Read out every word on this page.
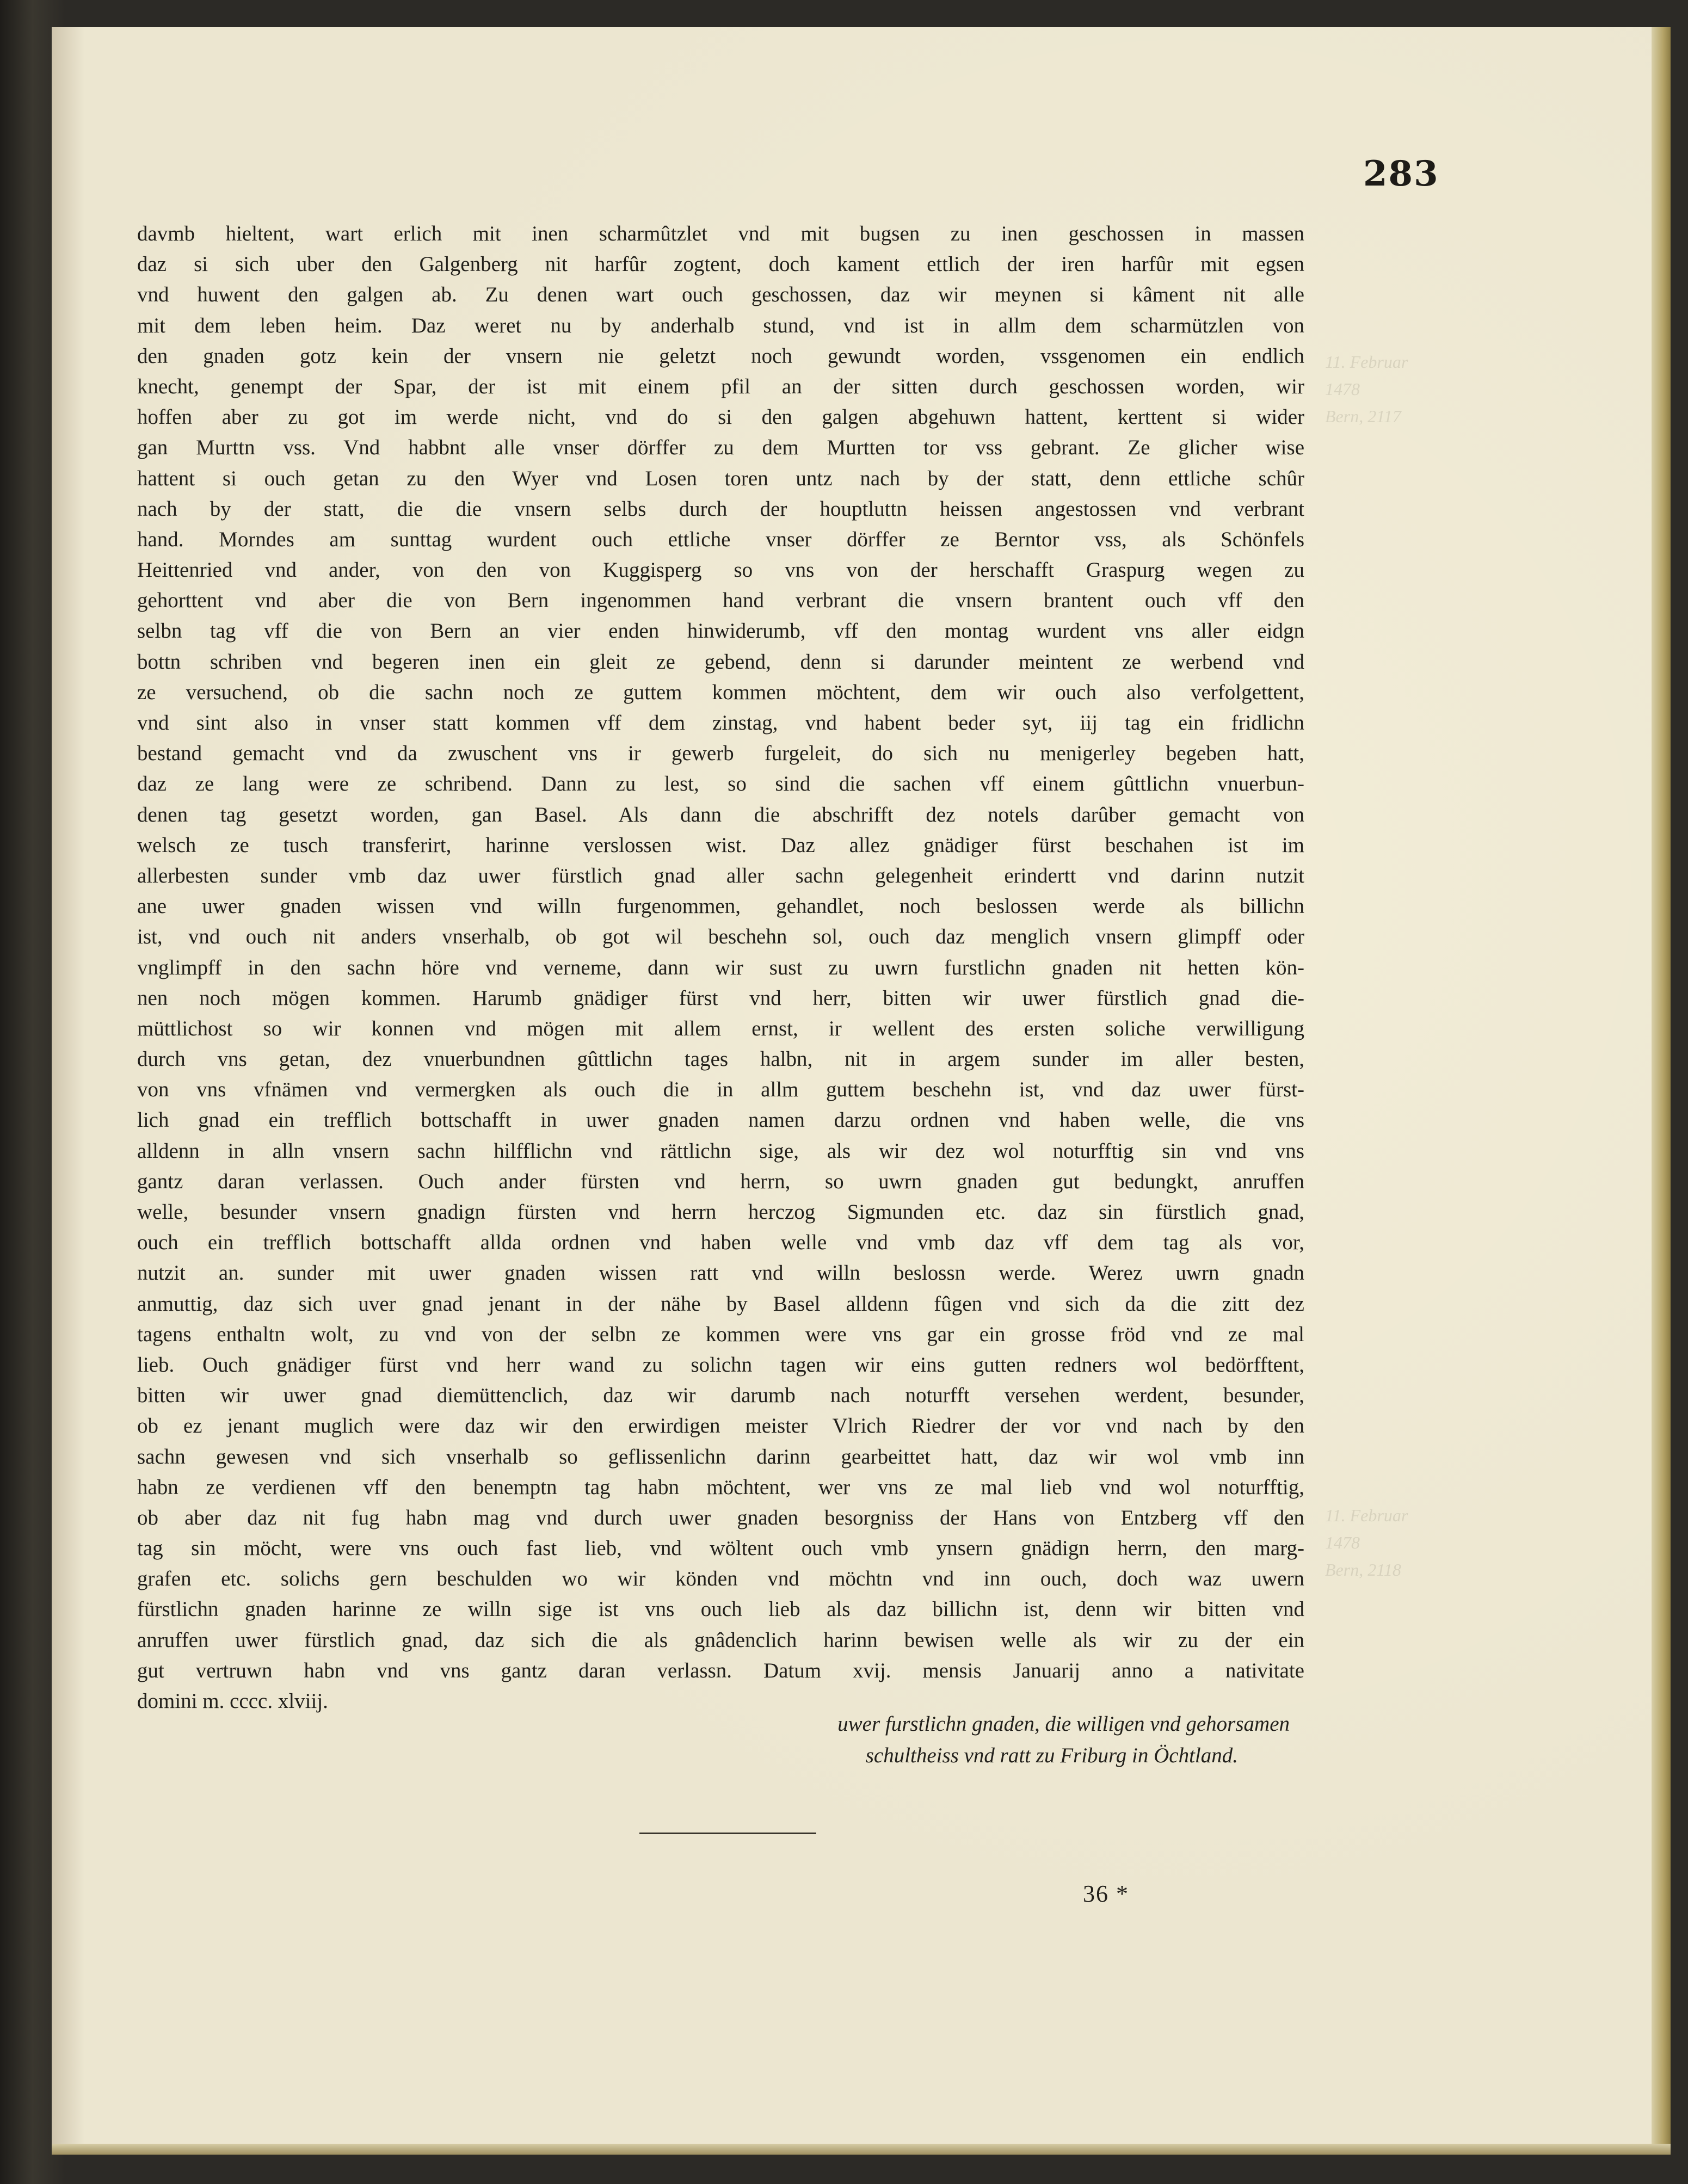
11. Februar
1478
Bern, 2117
11. Februar
1478
Bern, 2118
283
davmb hieltent, wart erlich mit inen scharmûtzlet vnd mit bugsen zu inen geschossen in massen
daz si sich uber den Galgenberg nit harfûr zogtent, doch kament ettlich der iren harfûr mit egsen
vnd huwent den galgen ab. Zu denen wart ouch geschossen, daz wir meynen si kâment nit alle
mit dem leben heim. Daz weret nu by anderhalb stund, vnd ist in allm dem scharmützlen von
den gnaden gotz kein der vnsern nie geletzt noch gewundt worden, vssgenomen ein endlich
knecht, genempt der Spar, der ist mit einem pfil an der sitten durch geschossen worden, wir
hoffen aber zu got im werde nicht, vnd do si den galgen abgehuwn hattent, kerttent si wider
gan Murttn vss. Vnd habbnt alle vnser dörffer zu dem Murtten tor vss gebrant. Ze glicher wise
hattent si ouch getan zu den Wyer vnd Losen toren untz nach by der statt, denn ettliche schûr
nach by der statt, die die vnsern selbs durch der houptluttn heissen angestossen vnd verbrant
hand. Morndes am sunttag wurdent ouch ettliche vnser dörffer ze Berntor vss, als Schönfels
Heittenried vnd ander, von den von Kuggisperg so vns von der herschafft Graspurg wegen zu
gehorttent vnd aber die von Bern ingenommen hand verbrant die vnsern brantent ouch vff den
selbn tag vff die von Bern an vier enden hinwiderumb, vff den montag wurdent vns aller eidgn
bottn schriben vnd begeren inen ein gleit ze gebend, denn si darunder meintent ze werbend vnd
ze versuchend, ob die sachn noch ze guttem kommen möchtent, dem wir ouch also verfolgettent,
vnd sint also in vnser statt kommen vff dem zinstag, vnd habent beder syt, iij tag ein fridlichn
bestand gemacht vnd da zwuschent vns ir gewerb furgeleit, do sich nu menigerley begeben hatt,
daz ze lang were ze schribend. Dann zu lest, so sind die sachen vff einem gûttlichn vnuerbun-
denen tag gesetzt worden, gan Basel. Als dann die abschrifft dez notels darûber gemacht von
welsch ze tusch transferirt, harinne verslossen wist. Daz allez gnädiger fürst beschahen ist im
allerbesten sunder vmb daz uwer fürstlich gnad aller sachn gelegenheit erindertt vnd darinn nutzit
ane uwer gnaden wissen vnd willn furgenommen, gehandlet, noch beslossen werde als billichn
ist, vnd ouch nit anders vnserhalb, ob got wil beschehn sol, ouch daz menglich vnsern glimpff oder
vnglimpff in den sachn höre vnd verneme, dann wir sust zu uwrn furstlichn gnaden nit hetten kön-
nen noch mögen kommen. Harumb gnädiger fürst vnd herr, bitten wir uwer fürstlich gnad die-
müttlichost so wir konnen vnd mögen mit allem ernst, ir wellent des ersten soliche verwilligung
durch vns getan, dez vnuerbundnen gûttlichn tages halbn, nit in argem sunder im aller besten,
von vns vfnämen vnd vermergken als ouch die in allm guttem beschehn ist, vnd daz uwer fürst-
lich gnad ein trefflich bottschafft in uwer gnaden namen darzu ordnen vnd haben welle, die vns
alldenn in alln vnsern sachn hilfflichn vnd rättlichn sige, als wir dez wol noturfftig sin vnd vns
gantz daran verlassen. Ouch ander fürsten vnd herrn, so uwrn gnaden gut bedungkt, anruffen
welle, besunder vnsern gnadign fürsten vnd herrn herczog Sigmunden etc. daz sin fürstlich gnad,
ouch ein trefflich bottschafft allda ordnen vnd haben welle vnd vmb daz vff dem tag als vor,
nutzit an. sunder mit uwer gnaden wissen ratt vnd willn beslossn werde. Werez uwrn gnadn
anmuttig, daz sich uver gnad jenant in der nähe by Basel alldenn fûgen vnd sich da die zitt dez
tagens enthaltn wolt, zu vnd von der selbn ze kommen were vns gar ein grosse fröd vnd ze mal
lieb. Ouch gnädiger fürst vnd herr wand zu solichn tagen wir eins gutten redners wol bedörfftent,
bitten wir uwer gnad diemüttenclich, daz wir darumb nach noturfft versehen werdent, besunder,
ob ez jenant muglich were daz wir den erwirdigen meister Vlrich Riedrer der vor vnd nach by den
sachn gewesen vnd sich vnserhalb so geflissenlichn darinn gearbeittet hatt, daz wir wol vmb inn
habn ze verdienen vff den benemptn tag habn möchtent, wer vns ze mal lieb vnd wol noturfftig,
ob aber daz nit fug habn mag vnd durch uwer gnaden besorgniss der Hans von Entzberg vff den
tag sin möcht, were vns ouch fast lieb, vnd wöltent ouch vmb ynsern gnädign herrn, den marg-
grafen etc. solichs gern beschulden wo wir könden vnd möchtn vnd inn ouch, doch waz uwern
fürstlichn gnaden harinne ze willn sige ist vns ouch lieb als daz billichn ist, denn wir bitten vnd
anruffen uwer fürstlich gnad, daz sich die als gnâdenclich harinn bewisen welle als wir zu der ein
gut vertruwn habn vnd vns gantz daran verlassn. Datum xvij. mensis Januarij anno a nativitate
domini m. cccc. xlviij.
uwer furstlichn gnaden, die willigen vnd gehorsamen
schultheiss vnd ratt zu Friburg in Öchtland.
36 *
